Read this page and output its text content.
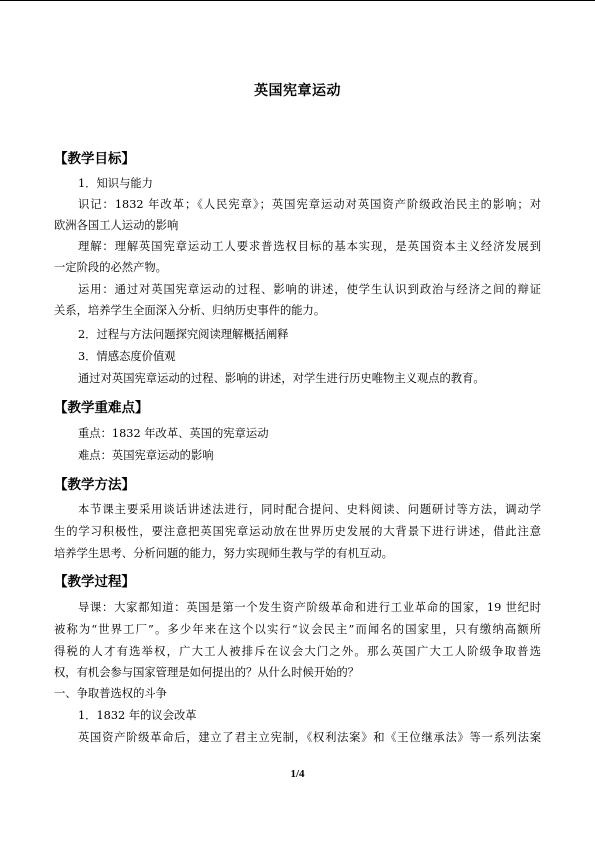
英国宪章运动
【教学目标】
1．知识与能力
识记：1832 年改革；《人民宪章》；英国宪章运动对英国资产阶级政治民主的影响；对
欧洲各国工人运动的影响
理解：理解英国宪章运动工人要求普选权目标的基本实现，是英国资本主义经济发展到
一定阶段的必然产物。
运用：通过对英国宪章运动的过程、影响的讲述，使学生认识到政治与经济之间的辩证
关系，培养学生全面深入分析、归纳历史事件的能力。
2．过程与方法问题探究阅读理解概括阐释
3．情感态度价值观
通过对英国宪章运动的过程、影响的讲述，对学生进行历史唯物主义观点的教育。
【教学重难点】
重点：1832 年改革、英国的宪章运动
难点：英国宪章运动的影响
【教学方法】
本节课主要采用谈话讲述法进行，同时配合提问、史料阅读、问题研讨等方法，调动学
生的学习积极性，要注意把英国宪章运动放在世界历史发展的大背景下进行讲述，借此注意
培养学生思考、分析问题的能力，努力实现师生教与学的有机互动。
【教学过程】
导课：大家都知道：英国是第一个发生资产阶级革命和进行工业革命的国家，19 世纪时
被称为“世界工厂”。多少年来在这个以实行“议会民主”而闻名的国家里，只有缴纳高额所
得税的人才有选举权，广大工人被排斥在议会大门之外。那么英国广大工人阶级争取普选
权，有机会参与国家管理是如何提出的？从什么时候开始的？
一、争取普选权的斗争
1．1832 年的议会改革
英国资产阶级革命后，建立了君主立宪制，《权利法案》和《王位继承法》等一系列法案
1/4
